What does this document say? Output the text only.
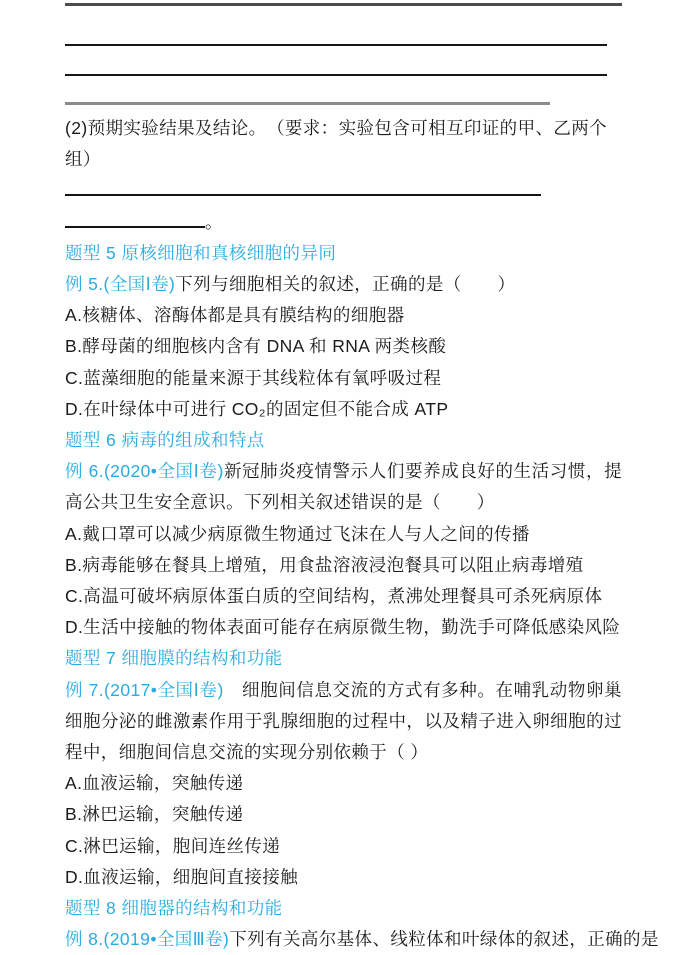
(2)预期实验结果及结论。　（要求：实验包含可相互印证的甲、乙两个组）

。

题型 5 原核细胞和真核细胞的异同

例 5.(全国Ⅰ卷)下列与细胞相关的叙述，正确的是（　　）

A.核糖体、溶酶体都是具有膜结构的细胞器

B.酵母菌的细胞核内含有 DNA 和 RNA 两类核酸

C.蓝藻细胞的能量来源于其线粒体有氧呼吸过程

D.在叶绿体中可进行 CO₂的固定但不能合成 ATP

题型 6 病毒的组成和特点

例 6.(2020•全国Ⅰ卷)新冠肺炎疫情警示人们要养成良好的生活习惯，提高公共卫生安全意识。下列相关叙述错误的是（　　）

A.戴口罩可以减少病原微生物通过飞沫在人与人之间的传播

B.病毒能够在餐具上增殖，用食盐溶液浸泡餐具可以阻止病毒增殖

C.高温可破坏病原体蛋白质的空间结构，煮沸处理餐具可杀死病原体

D.生活中接触的物体表面可能存在病原微生物，勤洗手可降低感染风险

题型 7 细胞膜的结构和功能

例 7.(2017•全国Ⅰ卷)　细胞间信息交流的方式有多种。在哺乳动物卵巢细胞分泌的雌激素作用于乳腺细胞的过程中，以及精子进入卵细胞的过程中，细胞间信息交流的实现分别依赖于（ ）

A.血液运输，突触传递

B.淋巴运输，突触传递

C.淋巴运输，胞间连丝传递

D.血液运输，细胞间直接接触

题型 8 细胞器的结构和功能

例 8.(2019•全国Ⅲ卷)下列有关高尔基体、线粒体和叶绿体的叙述，正确的是
